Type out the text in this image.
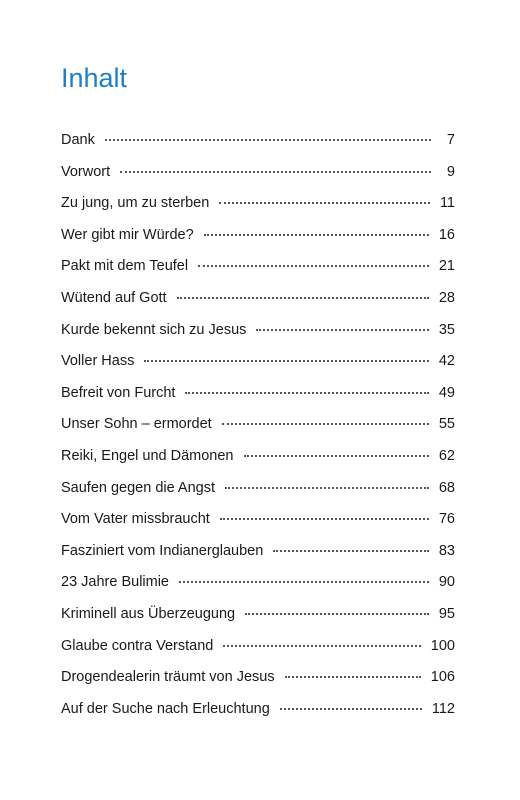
Inhalt
Dank	7
Vorwort	9
Zu jung, um zu sterben	11
Wer gibt mir Würde?	16
Pakt mit dem Teufel	21
Wütend auf Gott	28
Kurde bekennt sich zu Jesus	35
Voller Hass	42
Befreit von Furcht	49
Unser Sohn – ermordet	55
Reiki, Engel und Dämonen	62
Saufen gegen die Angst	68
Vom Vater missbraucht	76
Fasziniert vom Indianerglauben	83
23 Jahre Bulimie	90
Kriminell aus Überzeugung	95
Glaube contra Verstand	100
Drogendealerin träumt von Jesus	106
Auf der Suche nach Erleuchtung	112
